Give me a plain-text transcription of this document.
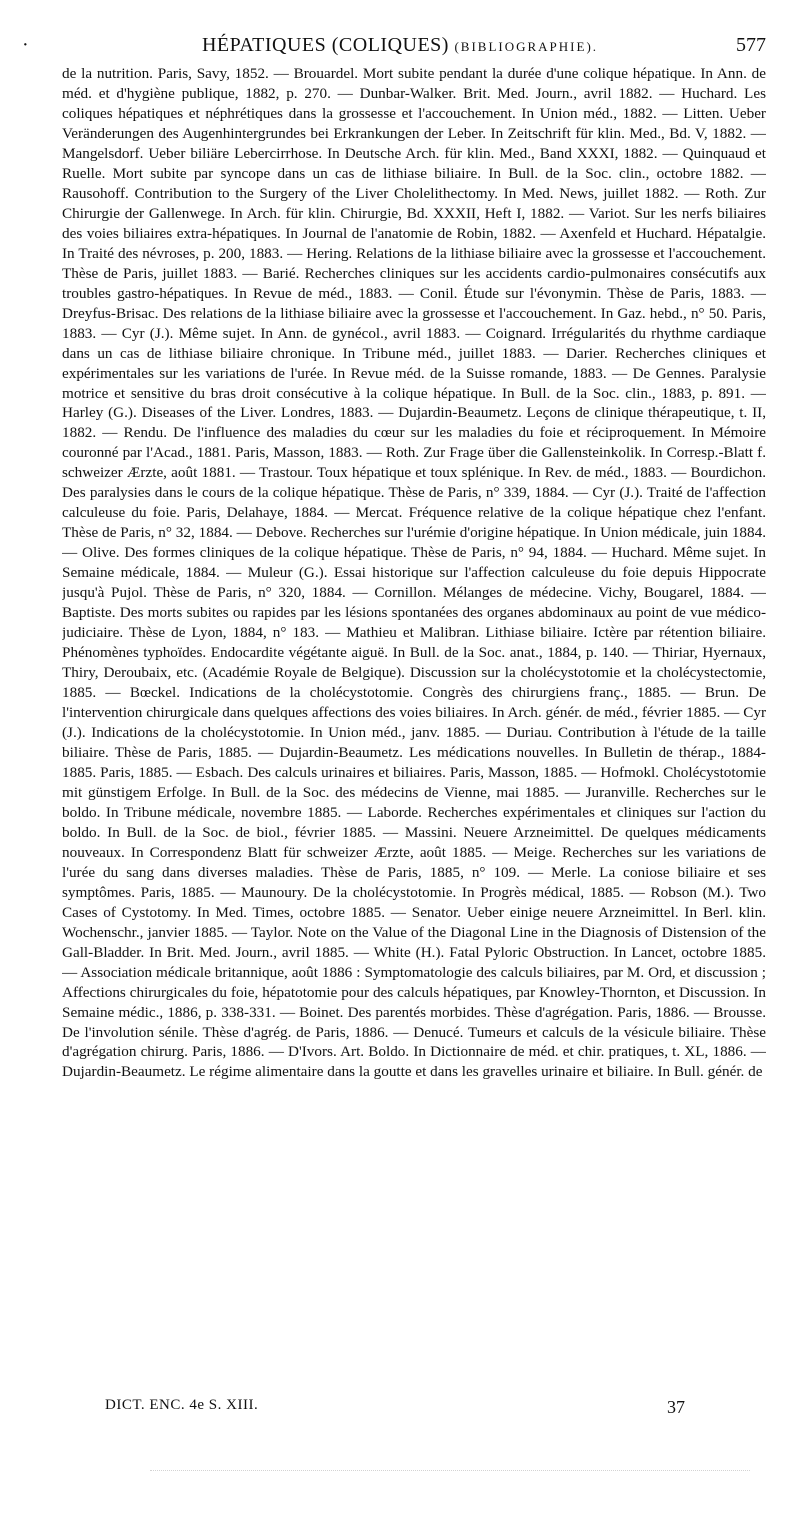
·	HÉPATIQUES (COLIQUES) (BIBLIOGRAPHIE).	577

de la nutrition. Paris, Savy, 1852. — Brouardel. Mort subite pendant la durée d'une colique hépatique. In Ann. de méd. et d'hygiène publique, 1882, p. 270. — Dunbar-Walker. Brit. Med. Journ., avril 1882. — Huchard. Les coliques hépatiques et néphrétiques dans la grossesse et l'accouchement. In Union méd., 1882. — Litten. Ueber Veränderungen des Augenhintergrundes bei Erkrankungen der Leber. In Zeitschrift für klin. Med., Bd. V, 1882. — Mangelsdorf. Ueber biliäre Lebercirrhose. In Deutsche Arch. für klin. Med., Band XXXI, 1882. — Quinquaud et Ruelle. Mort subite par syncope dans un cas de lithiase biliaire. In Bull. de la Soc. clin., octobre 1882. — Rausohoff. Contribution to the Surgery of the Liver Cholelithectomy. In Med. News, juillet 1882. — Roth. Zur Chirurgie der Gallenwege. In Arch. für klin. Chirurgie, Bd. XXXII, Heft I, 1882. — Variot. Sur les nerfs biliaires des voies biliaires extra-hépatiques. In Journal de l'anatomie de Robin, 1882. — Axenfeld et Huchard. Hépatalgie. In Traité des névroses, p. 200, 1883. — Hering. Relations de la lithiase biliaire avec la grossesse et l'accouchement. Thèse de Paris, juillet 1883. — Barié. Recherches cliniques sur les accidents cardio-pulmonaires consécutifs aux troubles gastro-hépatiques. In Revue de méd., 1883. — Conil. Étude sur l'évonymin. Thèse de Paris, 1883. — Dreyfus-Brisac. Des relations de la lithiase biliaire avec la grossesse et l'accouchement. In Gaz. hebd., n° 50. Paris, 1883. — Cyr (J.). Même sujet. In Ann. de gynécol., avril 1883. — Coignard. Irrégularités du rhythme cardiaque dans un cas de lithiase biliaire chronique. In Tribune méd., juillet 1883. — Darier. Recherches cliniques et expérimentales sur les variations de l'urée. In Revue méd. de la Suisse romande, 1883. — De Gennes. Paralysie motrice et sensitive du bras droit consécutive à la colique hépatique. In Bull. de la Soc. clin., 1883, p. 891. — Harley (G.). Diseases of the Liver. Londres, 1883. — Dujardin-Beaumetz. Leçons de clinique thérapeutique, t. II, 1882. — Rendu. De l'influence des maladies du cœur sur les maladies du foie et réciproquement. In Mémoire couronné par l'Acad., 1881. Paris, Masson, 1883. — Roth. Zur Frage über die Gallensteinkolik. In Corresp.-Blatt f. schweizer Ærzte, août 1881. — Trastour. Toux hépatique et toux splénique. In Rev. de méd., 1883. — Bourdichon. Des paralysies dans le cours de la colique hépatique. Thèse de Paris, n° 339, 1884. — Cyr (J.). Traité de l'affection calculeuse du foie. Paris, Delahaye, 1884. — Mercat. Fréquence relative de la colique hépatique chez l'enfant. Thèse de Paris, n° 32, 1884. — Debove. Recherches sur l'urémie d'origine hépatique. In Union médicale, juin 1884. — Olive. Des formes cliniques de la colique hépatique. Thèse de Paris, n° 94, 1884. — Huchard. Même sujet. In Semaine médicale, 1884. — Muleur (G.). Essai historique sur l'affection calculeuse du foie depuis Hippocrate jusqu'à Pujol. Thèse de Paris, n° 320, 1884. — Cornillon. Mélanges de médecine. Vichy, Bougarel, 1884. — Baptiste. Des morts subites ou rapides par les lésions spontanées des organes abdominaux au point de vue médico-judiciaire. Thèse de Lyon, 1884, n° 183. — Mathieu et Malibran. Lithiase biliaire. Ictère par rétention biliaire. Phénomènes typhoïdes. Endocardite végétante aiguë. In Bull. de la Soc. anat., 1884, p. 140. — Thiriar, Hyernaux, Thiry, Deroubaix, etc. (Académie Royale de Belgique). Discussion sur la cholécystotomie et la cholécystectomie, 1885. — Bœckel. Indications de la cholécystotomie. Congrès des chirurgiens franç., 1885. — Brun. De l'intervention chirurgicale dans quelques affections des voies biliaires. In Arch. génér. de méd., février 1885. — Cyr (J.). Indications de la cholécystotomie. In Union méd., janv. 1885. — Duriau. Contribution à l'étude de la taille biliaire. Thèse de Paris, 1885. — Dujardin-Beaumetz. Les médications nouvelles. In Bulletin de thérap., 1884-1885. Paris, 1885. — Esbach. Des calculs urinaires et biliaires. Paris, Masson, 1885. — Hofmokl. Cholécystotomie mit günstigem Erfolge. In Bull. de la Soc. des médecins de Vienne, mai 1885. — Juranville. Recherches sur le boldo. In Tribune médicale, novembre 1885. — Laborde. Recherches expérimentales et cliniques sur l'action du boldo. In Bull. de la Soc. de biol., février 1885. — Massini. Neuere Arzneimittel. De quelques médicaments nouveaux. In Correspondenz Blatt für schweizer Ærzte, août 1885. — Meige. Recherches sur les variations de l'urée du sang dans diverses maladies. Thèse de Paris, 1885, n° 109. — Merle. La coniose biliaire et ses symptômes. Paris, 1885. — Maunoury. De la cholécystotomie. In Progrès médical, 1885. — Robson (M.). Two Cases of Cystotomy. In Med. Times, octobre 1885. — Senator. Ueber einige neuere Arzneimittel. In Berl. klin. Wochenschr., janvier 1885. — Taylor. Note on the Value of the Diagonal Line in the Diagnosis of Distension of the Gall-Bladder. In Brit. Med. Journ., avril 1885. — White (H.). Fatal Pyloric Obstruction. In Lancet, octobre 1885. — Association médicale britannique, août 1886 : Symptomatologie des calculs biliaires, par M. Ord, et discussion ; Affections chirurgicales du foie, hépatotomie pour des calculs hépatiques, par Knowley-Thornton, et Discussion. In Semaine médic., 1886, p. 338-331. — Boinet. Des parentés morbides. Thèse d'agrégation. Paris, 1886. — Brousse. De l'involution sénile. Thèse d'agrég. de Paris, 1886. — Denucé. Tumeurs et calculs de la vésicule biliaire. Thèse d'agrégation chirurg. Paris, 1886. — D'Ivors. Art. Boldo. In Dictionnaire de méd. et chir. pratiques, t. XL, 1886. — Dujardin-Beaumetz. Le régime alimentaire dans la goutte et dans les gravelles urinaire et biliaire. In Bull. génér. de

DICT. ENC. 4e S. XIII.	37
